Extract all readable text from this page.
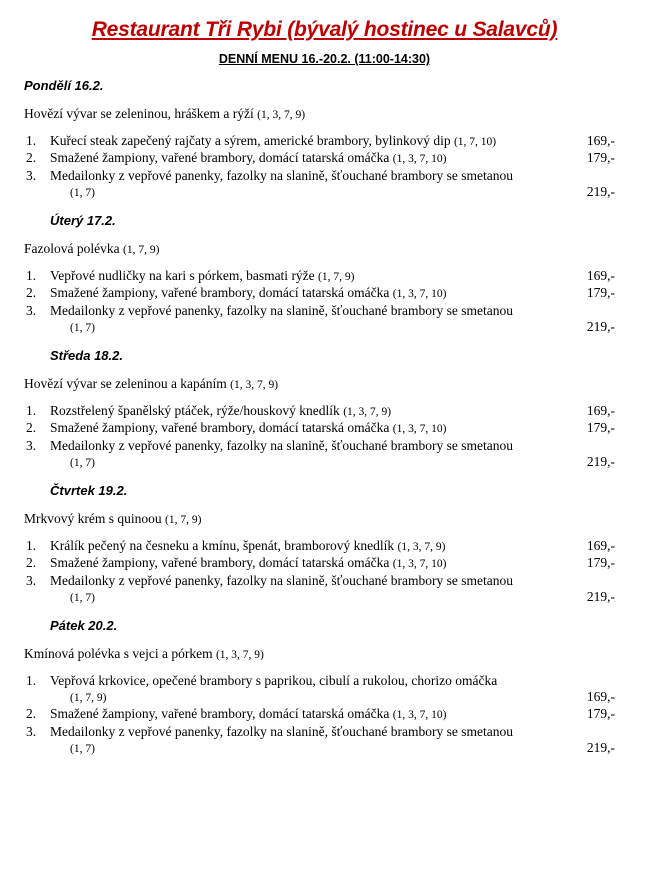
Restaurant Tři Rybi (bývalý hostinec u Salavců)
DENNÍ MENU 16.-20.2. (11:00-14:30)
Pondělí 16.2.
Hovězí vývar se zeleninou, hráškem a rýží (1, 3, 7, 9)
1.	Kuřecí steak zapečený rajčaty a sýrem, americké brambory, bylinkový dip (1, 7, 10)	169,-
2.	Smažené žampiony, vařené brambory, domácí tatarská omáčka (1, 3, 7, 10)	179,-
3.	Medailonky z vepřové panenky, fazolky na slanině, šťouchané brambory se smetanou
(1, 7)	219,-
Úterý 17.2.
Fazolová polévka (1, 7, 9)
1.	Vepřové nudličky na kari s pórkem, basmati rýže (1, 7, 9)	169,-
2.	Smažené žampiony, vařené brambory, domácí tatarská omáčka (1, 3, 7, 10)	179,-
3.	Medailonky z vepřové panenky, fazolky na slanině, šťouchané brambory se smetanou
(1, 7)	219,-
Středa 18.2.
Hovězí vývar se zeleninou a kapáním (1, 3, 7, 9)
1.	Rozstřelený španělský ptáček, rýže/houskový knedlík (1, 3, 7, 9)	169,-
2.	Smažené žampiony, vařené brambory, domácí tatarská omáčka (1, 3, 7, 10)	179,-
3.	Medailonky z vepřové panenky, fazolky na slanině, šťouchané brambory se smetanou
(1, 7)	219,-
Čtvrtek 19.2.
Mrkvový krém s quinoou (1, 7, 9)
1.	Králík pečený na česneku a kmínu, špenát, bramborový knedlík (1, 3, 7, 9)	169,-
2.	Smažené žampiony, vařené brambory, domácí tatarská omáčka (1, 3, 7, 10)	179,-
3.	Medailonky z vepřové panenky, fazolky na slanině, šťouchané brambory se smetanou
(1, 7)	219,-
Pátek 20.2.
Kmínová polévka s vejci a pórkem (1, 3, 7, 9)
1.	Vepřová krkovice, opečené brambory s paprikou, cibulí a rukolou, chorizo omáčka
(1, 7, 9)	169,-
2.	Smažené žampiony, vařené brambory, domácí tatarská omáčka (1, 3, 7, 10)	179,-
3.	Medailonky z vepřové panenky, fazolky na slanině, šťouchané brambory se smetanou
(1, 7)	219,-
